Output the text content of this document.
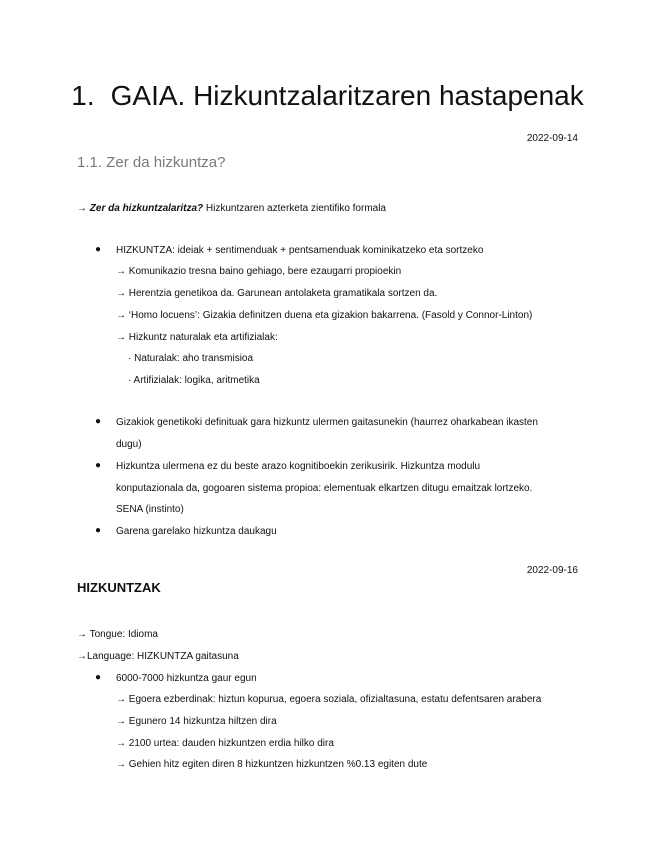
1. GAIA. Hizkuntzalaritzaren hastapenak
2022-09-14
1.1. Zer da hizkuntza?
→ Zer da hizkuntzalaritza? Hizkuntzaren azterketa zientifiko formala
● HIZKUNTZA: ideiak + sentimenduak + pentsamenduak kominikatzeko eta sortzeko
→ Komunikazio tresna baino gehiago, bere ezaugarri propioekin
→ Herentzia genetikoa da. Garunean antolaketa gramatikala sortzen da.
→ ‘Homo locuens’: Gizakia definitzen duena eta gizakion bakarrena. (Fasold y Connor-Linton)
→ Hizkuntz naturalak eta artifizialak:
· Naturalak: aho transmisioa
· Artifizialak: logika, aritmetika
● Gizakiok genetikoki definituak gara hizkuntz ulermen gaitasunekin (haurrez oharkabean ikasten
dugu)
● Hizkuntza ulermena ez du beste arazo kognitiboekin zerikusirik. Hizkuntza modulu
konputazionala da, gogoaren sistema propioa: elementuak elkartzen ditugu emaitzak lortzeko.
SENA (instinto)
● Garena garelako hizkuntza daukagu
2022-09-16
HIZKUNTZAK
→ Tongue: Idioma
→Language: HIZKUNTZA gaitasuna
● 6000-7000 hizkuntza gaur egun
→ Egoera ezberdinak: hiztun kopurua, egoera soziala, ofizialtasuna, estatu defentsaren arabera
→ Egunero 14 hizkuntza hiltzen dira
→ 2100 urtea: dauden hizkuntzen erdia hilko dira
→ Gehien hitz egiten diren 8 hizkuntzen hizkuntzen %0.13 egiten dute
